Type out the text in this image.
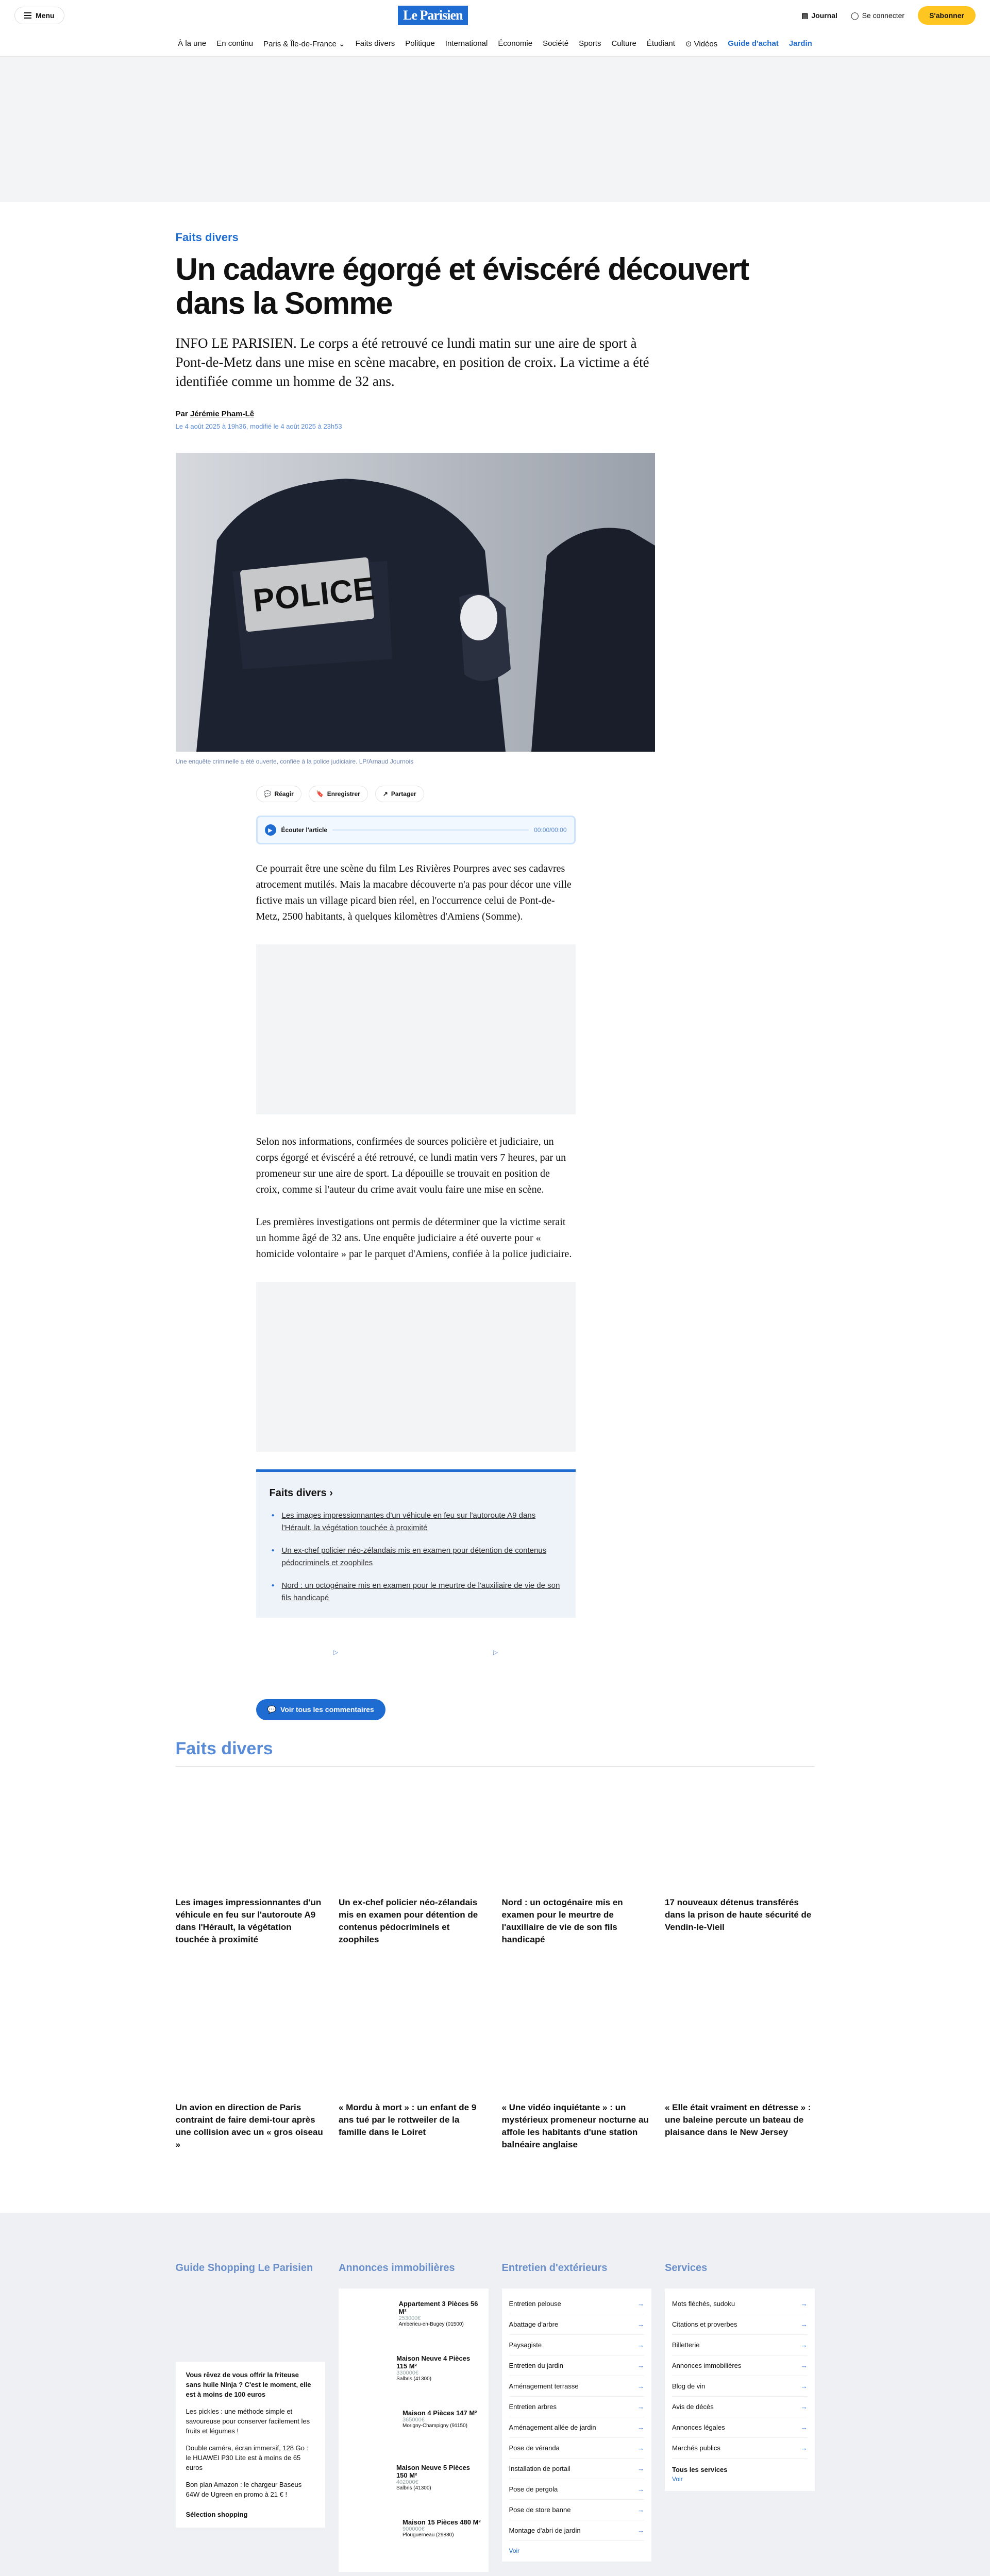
Menu	Le Parisien	▤ Journal ◯ Se connecter	S'abonner
À la une En continu Paris & Île-de-France ⌄ Faits divers Politique International Économie Société Sports Culture Étudiant ⊙ Vidéos Guide d'achat Jardin
Faits divers
Un cadavre égorgé et éviscéré découvert dans la Somme

INFO LE PARISIEN. Le corps a été retrouvé ce lundi matin sur une aire de sport à Pont-de-Metz dans une mise en scène macabre, en position de croix. La victime a été identifiée comme un homme de 32 ans.

Par Jérémie Pham-Lê
Le 4 août 2025 à 19h36, modifié le 4 août 2025 à 23h53
POLICE
Une enquête criminelle a été ouverte, confiée à la police judiciaire. LP/Arnaud Journois
💬 Réagir	🔖 Enregistrer	↗ Partager
▶ Écouter l'article	00:00/00:00

Ce pourrait être une scène du film Les Rivières Pourpres avec ses cadavres atrocement mutilés. Mais la macabre découverte n'a pas pour décor une ville fictive mais un village picard bien réel, en l'occurrence celui de Pont-de-Metz, 2500 habitants, à quelques kilomètres d'Amiens (Somme).

Selon nos informations, confirmées de sources policière et judiciaire, un corps égorgé et éviscéré a été retrouvé, ce lundi matin vers 7 heures, par un promeneur sur une aire de sport. La dépouille se trouvait en position de croix, comme si l'auteur du crime avait voulu faire une mise en scène.

Les premières investigations ont permis de déterminer que la victime serait un homme âgé de 32 ans. Une enquête judiciaire a été ouverte pour « homicide volontaire » par le parquet d'Amiens, confiée à la police judiciaire.

Faits divers ›
● Les images impressionnantes d'un véhicule en feu sur l'autoroute A9 dans l'Hérault, la végétation touchée à proximité
● Un ex-chef policier néo-zélandais mis en examen pour détention de contenus pédocriminels et zoophiles
● Nord : un octogénaire mis en examen pour le meurtre de l'auxiliaire de vie de son fils handicapé
▷	▷
💬 Voir tous les commentaires
Faits divers
Les images impressionnantes d'un véhicule en feu sur l'autoroute A9 dans l'Hérault, la végétation touchée à proximité
Un ex-chef policier néo-zélandais mis en examen pour détention de contenus pédocriminels et zoophiles
Nord : un octogénaire mis en examen pour le meurtre de l'auxiliaire de vie de son fils handicapé
17 nouveaux détenus transférés dans la prison de haute sécurité de Vendin-le-Vieil
Un avion en direction de Paris contraint de faire demi-tour après une collision avec un « gros oiseau »
« Mordu à mort » : un enfant de 9 ans tué par le rottweiler de la famille dans le Loiret
« Une vidéo inquiétante » : un mystérieux promeneur nocturne au affole les habitants d'une station balnéaire anglaise
« Elle était vraiment en détresse » : une baleine percute un bateau de plaisance dans le New Jersey
Guide Shopping Le Parisien
Vous rêvez de vous offrir la friteuse sans huile Ninja ? C'est le moment, elle est à moins de 100 euros

Les pickles : une méthode simple et savoureuse pour conserver facilement les fruits et légumes !

Double caméra, écran immersif, 128 Go : le HUAWEI P30 Lite est à moins de 65 euros

Bon plan Amazon : le chargeur Baseus 64W de Ugreen en promo à 21 € !

Sélection shopping

Annonces immobilières
Appartement 3 Pièces 56 M²
253000€
Amberieu-en-Bugey (01500)
Maison Neuve 4 Pièces 115 M²
330000€
Salbris (41300)
Maison 4 Pièces 147 M²
365000€
Morigny-Champigny (91150)
Maison Neuve 5 Pièces 150 M²
402000€
Salbris (41300)
Maison 15 Pièces 480 M²
900000€
Plouguerneau (29880)
Entretien d'extérieurs
Entretien pelouse	→
Abattage d'arbre	→
Paysagiste	→
Entretien du jardin	→
Aménagement terrasse	→
Entretien arbres	→
Aménagement allée de jardin	→
Pose de véranda	→
Installation de portail	→
Pose de pergola	→
Pose de store banne	→
Montage d'abri de jardin	→
Voir
Services
Mots fléchés, sudoku	→
Citations et proverbes	→
Billetterie	→
Annonces immobilières	→
Blog de vin	→
Avis de décès	→
Annonces légales	→
Marchés publics	→
Tous les services
Voir
